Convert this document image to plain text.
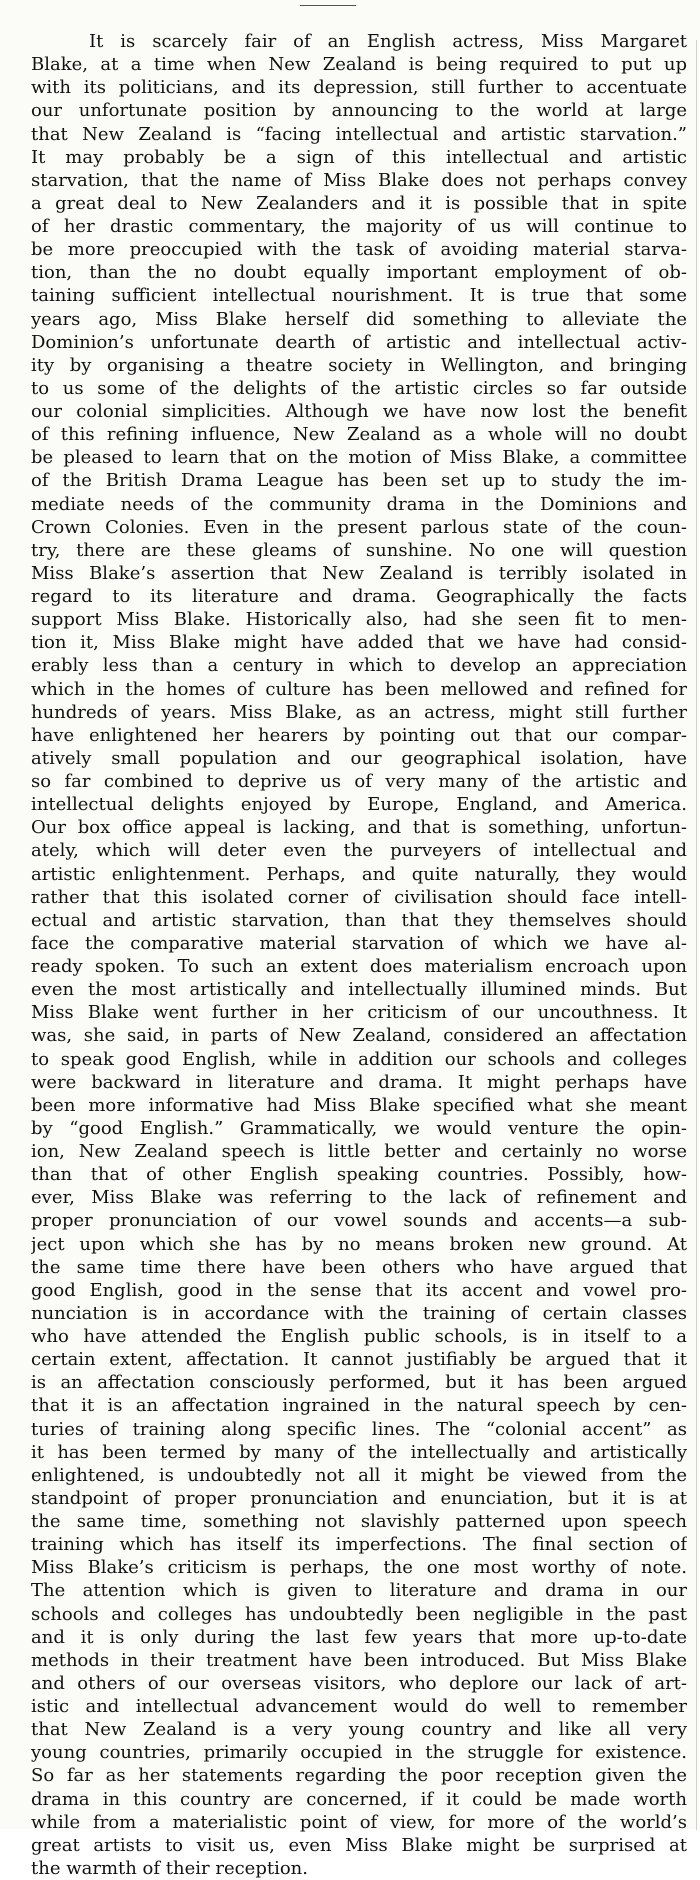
It is scarcely fair of an English actress, Miss Margaret
Blake, at a time when New Zealand is being required to put up
with its politicians, and its depression, still further to accentuate
our unfortunate position by announcing to the world at large
that New Zealand is “facing intellectual and artistic starvation.”
It may probably be a sign of this intellectual and artistic
starvation, that the name of Miss Blake does not perhaps convey
a great deal to New Zealanders and it is possible that in spite
of her drastic commentary, the majority of us will continue to
be more preoccupied with the task of avoiding material starva-
tion, than the no doubt equally important employment of ob-
taining sufficient intellectual nourishment. It is true that some
years ago, Miss Blake herself did something to alleviate the
Dominion’s unfortunate dearth of artistic and intellectual activ-
ity by organising a theatre society in Wellington, and bringing
to us some of the delights of the artistic circles so far outside
our colonial simplicities. Although we have now lost the benefit
of this refining influence, New Zealand as a whole will no doubt
be pleased to learn that on the motion of Miss Blake, a committee
of the British Drama League has been set up to study the im-
mediate needs of the community drama in the Dominions and
Crown Colonies. Even in the present parlous state of the coun-
try, there are these gleams of sunshine. No one will question
Miss Blake’s assertion that New Zealand is terribly isolated in
regard to its literature and drama. Geographically the facts
support Miss Blake. Historically also, had she seen fit to men-
tion it, Miss Blake might have added that we have had consid-
erably less than a century in which to develop an appreciation
which in the homes of culture has been mellowed and refined for
hundreds of years. Miss Blake, as an actress, might still further
have enlightened her hearers by pointing out that our compar-
atively small population and our geographical isolation, have
so far combined to deprive us of very many of the artistic and
intellectual delights enjoyed by Europe, England, and America.
Our box office appeal is lacking, and that is something, unfortun-
ately, which will deter even the purveyers of intellectual and
artistic enlightenment. Perhaps, and quite naturally, they would
rather that this isolated corner of civilisation should face intell-
ectual and artistic starvation, than that they themselves should
face the comparative material starvation of which we have al-
ready spoken. To such an extent does materialism encroach upon
even the most artistically and intellectually illumined minds. But
Miss Blake went further in her criticism of our uncouthness. It
was, she said, in parts of New Zealand, considered an affectation
to speak good English, while in addition our schools and colleges
were backward in literature and drama. It might perhaps have
been more informative had Miss Blake specified what she meant
by “good English.” Grammatically, we would venture the opin-
ion, New Zealand speech is little better and certainly no worse
than that of other English speaking countries. Possibly, how-
ever, Miss Blake was referring to the lack of refinement and
proper pronunciation of our vowel sounds and accents—a sub-
ject upon which she has by no means broken new ground. At
the same time there have been others who have argued that
good English, good in the sense that its accent and vowel pro-
nunciation is in accordance with the training of certain classes
who have attended the English public schools, is in itself to a
certain extent, affectation. It cannot justifiably be argued that it
is an affectation consciously performed, but it has been argued
that it is an affectation ingrained in the natural speech by cen-
turies of training along specific lines. The “colonial accent” as
it has been termed by many of the intellectually and artistically
enlightened, is undoubtedly not all it might be viewed from the
standpoint of proper pronunciation and enunciation, but it is at
the same time, something not slavishly patterned upon speech
training which has itself its imperfections. The final section of
Miss Blake’s criticism is perhaps, the one most worthy of note.
The attention which is given to literature and drama in our
schools and colleges has undoubtedly been negligible in the past
and it is only during the last few years that more up-to-date
methods in their treatment have been introduced. But Miss Blake
and others of our overseas visitors, who deplore our lack of art-
istic and intellectual advancement would do well to remember
that New Zealand is a very young country and like all very
young countries, primarily occupied in the struggle for existence.
So far as her statements regarding the poor reception given the
drama in this country are concerned, if it could be made worth
while from a materialistic point of view, for more of the world’s
great artists to visit us, even Miss Blake might be surprised at
the warmth of their reception.
